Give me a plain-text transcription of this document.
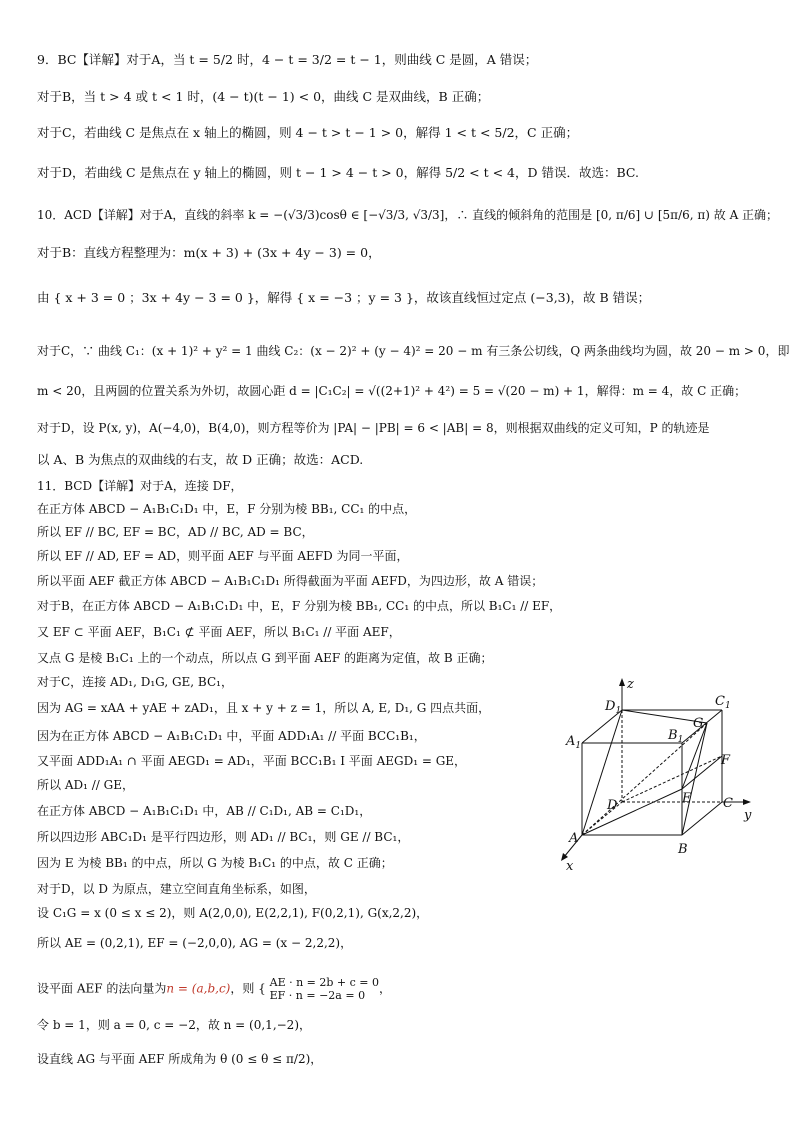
9．BC【详解】对于A，当 t = 5/2 时，4 − t = 3/2 = t − 1，则曲线 C 是圆，A 错误；
对于B，当 t > 4 或 t < 1 时，(4 − t)(t − 1) < 0，曲线 C 是双曲线，B 正确；
对于C，若曲线 C 是焦点在 x 轴上的椭圆，则 4 − t > t − 1 > 0，解得 1 < t < 5/2，C 正确；
对于D，若曲线 C 是焦点在 y 轴上的椭圆，则 t − 1 > 4 − t > 0，解得 5/2 < t < 4，D 错误．故选：BC.
10．ACD【详解】对于A，直线的斜率 k = −(√3/3)cosθ ∈ [−√3/3, √3/3]，∴ 直线的倾斜角的范围是 [0, π/6] ∪ [5π/6, π) 故 A 正确；
对于B：直线方程整理为：m(x + 3) + (3x + 4y − 3) = 0，
由 { x + 3 = 0 ；3x + 4y − 3 = 0 }，解得 { x = −3 ；y = 3 }，故该直线恒过定点 (−3,3)，故 B 错误；
对于C，∵ 曲线 C₁：(x + 1)² + y² = 1 曲线 C₂：(x − 2)² + (y − 4)² = 20 − m 有三条公切线，Q 两条曲线均为圆，故 20 − m > 0，即
m < 20，且两圆的位置关系为外切，故圆心距 d = |C₁C₂| = √((2+1)² + 4²) = 5 = √(20 − m) + 1，解得：m = 4，故 C 正确；
对于D，设 P(x, y)，A(−4,0)，B(4,0)，则方程等价为 |PA| − |PB| = 6 < |AB| = 8，则根据双曲线的定义可知，P 的轨迹是
以 A、B 为焦点的双曲线的右支，故 D 正确；故选：ACD.
11．BCD【详解】对于A，连接 DF，
在正方体 ABCD − A₁B₁C₁D₁ 中，E，F 分别为棱 BB₁, CC₁ 的中点，
所以 EF // BC, EF = BC，AD // BC, AD = BC，
所以 EF // AD, EF = AD，则平面 AEF 与平面 AEFD 为同一平面，
所以平面 AEF 截正方体 ABCD − A₁B₁C₁D₁ 所得截面为平面 AEFD，为四边形，故 A 错误；
对于B，在正方体 ABCD − A₁B₁C₁D₁ 中，E，F 分别为棱 BB₁, CC₁ 的中点，所以 B₁C₁ // EF，
又 EF ⊂ 平面 AEF，B₁C₁ ⊄ 平面 AEF，所以 B₁C₁ // 平面 AEF，
又点 G 是棱 B₁C₁ 上的一个动点，所以点 G 到平面 AEF 的距离为定值，故 B 正确；
对于C，连接 AD₁, D₁G, GE, BC₁，
因为 AG = xAA + yAE + zAD₁，且 x + y + z = 1，所以 A, E, D₁, G 四点共面，
因为在正方体 ABCD − A₁B₁C₁D₁ 中，平面 ADD₁A₁ // 平面 BCC₁B₁，
又平面 ADD₁A₁ ∩ 平面 AEGD₁ = AD₁，平面 BCC₁B₁ I 平面 AEGD₁ = GE，
所以 AD₁ // GE，
在正方体 ABCD − A₁B₁C₁D₁ 中，AB // C₁D₁, AB = C₁D₁，
所以四边形 ABC₁D₁ 是平行四边形，则 AD₁ // BC₁，则 GE // BC₁，
因为 E 为棱 BB₁ 的中点，所以 G 为棱 B₁C₁ 的中点，故 C 正确；
对于D，以 D 为原点，建立空间直角坐标系，如图，
设 C₁G = x (0 ≤ x ≤ 2)，则 A(2,0,0), E(2,2,1), F(0,2,1), G(x,2,2)，
所以 AE = (0,2,1), EF = (−2,0,0), AG = (x − 2,2,2)，
设平面 AEF 的法向量为n = (a,b,c)，则 { AE · n = 2b + c = 0
EF · n = −2a = 0	，
令 b = 1，则 a = 0, c = −2，故 n = (0,1,−2)，
设直线 AG 与平面 AEF 所成角为 θ (0 ≤ θ ≤ π/2)，
z
y
x
$D_1$
$C_1$
$A_1$
$B_1$
G
F
E
D	C
A
B
